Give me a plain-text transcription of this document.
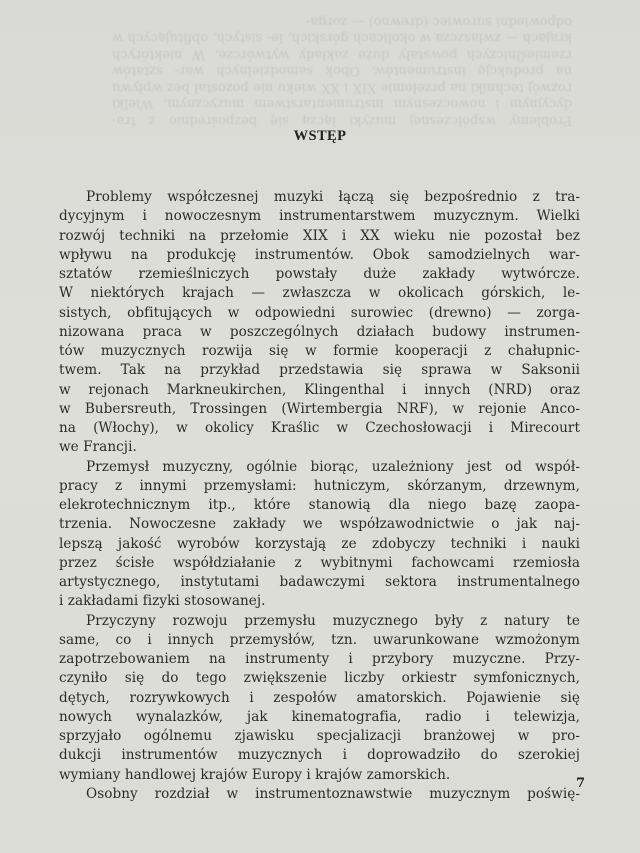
Problemy współczesnej muzyki łączą się bezpośrednio z tra- dycyjnym i nowoczesnym instrumentarstwem muzycznym. Wielki rozwój techniki na przełomie XIX i XX wieku nie pozostał bez wpływu na produkcję instrumentów. Obok samodzielnych war- sztatów rzemieślniczych powstały duże zakłady wytwórcze. W niektórych krajach — zwłaszcza w okolicach górskich, le- sistych, obfitujących w odpowiedni surowiec (drewno) — zorga-
WSTĘP
Problemy współczesnej muzyki łączą się bezpośrednio z tra-
dycyjnym i nowoczesnym instrumentarstwem muzycznym. Wielki
rozwój techniki na przełomie XIX i XX wieku nie pozostał bez
wpływu na produkcję instrumentów. Obok samodzielnych war-
sztatów rzemieślniczych powstały duże zakłady wytwórcze.
W niektórych krajach — zwłaszcza w okolicach górskich, le-
sistych, obfitujących w odpowiedni surowiec (drewno) — zorga-
nizowana praca w poszczególnych działach budowy instrumen-
tów muzycznych rozwija się w formie kooperacji z chałupnic-
twem. Tak na przykład przedstawia się sprawa w Saksonii
w rejonach Markneukirchen, Klingenthal i innych (NRD) oraz
w Bubersreuth, Trossingen (Wirtembergia NRF), w rejonie Anco-
na (Włochy), w okolicy Kraślic w Czechosłowacji i Mirecourt
we Francji.
Przemysł muzyczny, ogólnie biorąc, uzależniony jest od współ-
pracy z innymi przemysłami: hutniczym, skórzanym, drzewnym,
elekrotechnicznym itp., które stanowią dla niego bazę zaopa-
trzenia. Nowoczesne zakłady we współzawodnictwie o jak naj-
lepszą jakość wyrobów korzystają ze zdobyczy techniki i nauki
przez ścisłe współdziałanie z wybitnymi fachowcami rzemiosła
artystycznego, instytutami badawczymi sektora instrumentalnego
i zakładami fizyki stosowanej.
Przyczyny rozwoju przemysłu muzycznego były z natury te
same, co i innych przemysłów, tzn. uwarunkowane wzmożonym
zapotrzebowaniem na instrumenty i przybory muzyczne. Przy-
czyniło się do tego zwiększenie liczby orkiestr symfonicznych,
dętych, rozrywkowych i zespołów amatorskich. Pojawienie się
nowych wynalazków, jak kinematografia, radio i telewizja,
sprzyjało ogólnemu zjawisku specjalizacji branżowej w pro-
dukcji instrumentów muzycznych i doprowadziło do szerokiej
wymiany handlowej krajów Europy i krajów zamorskich.
Osobny rozdział w instrumentoznawstwie muzycznym poświę-
7
